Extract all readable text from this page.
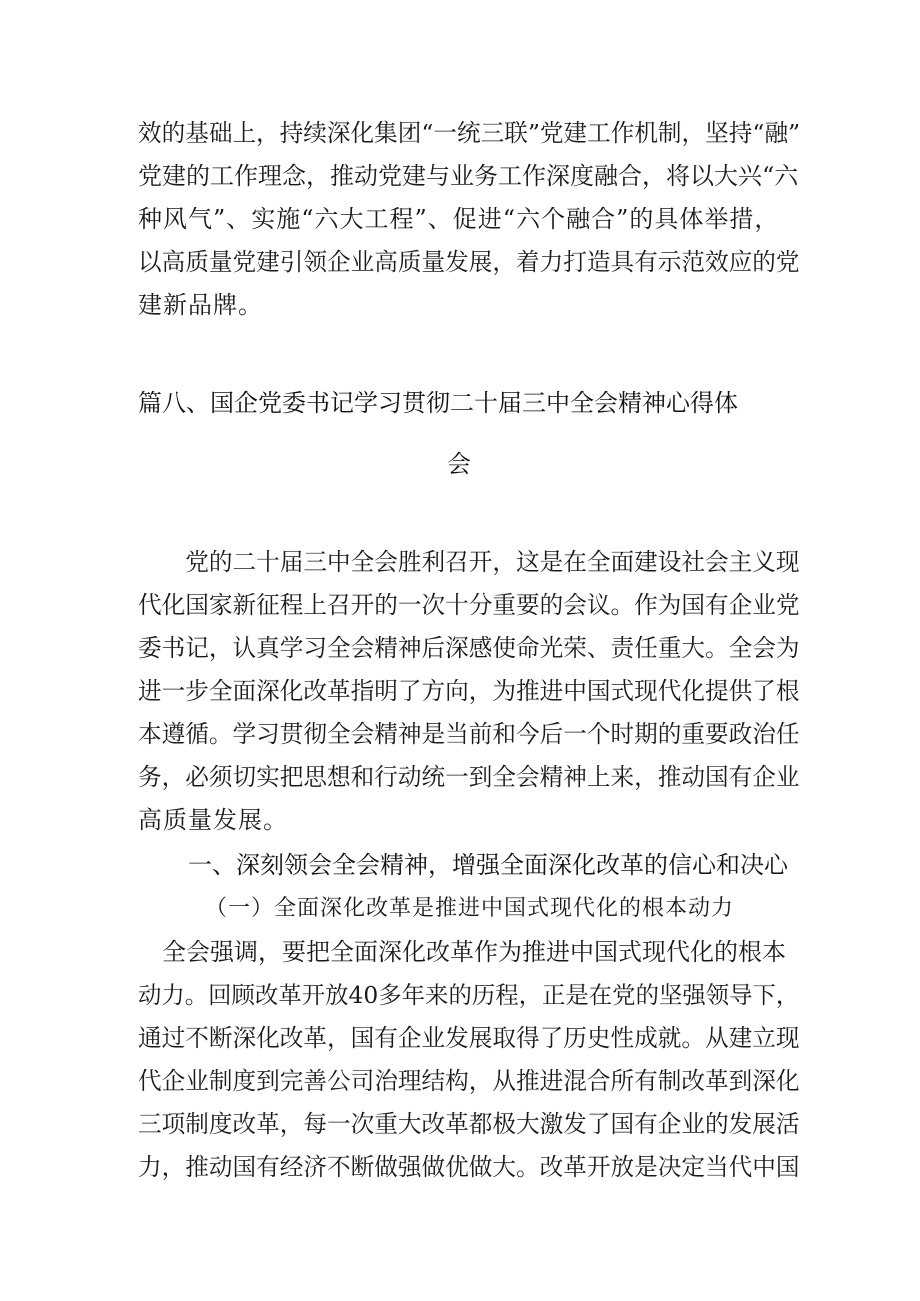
效的基础上，持续深化集团“一统三联”党建工作机制，坚持“融”
党建的工作理念，推动党建与业务工作深度融合，将以大兴“六
种风气”、实施“六大工程”、促进“六个融合”的具体举措，
以高质量党建引领企业高质量发展，着力打造具有示范效应的党
建新品牌。
篇八、国企党委书记学习贯彻二十届三中全会精神心得体
会
　　党的二十届三中全会胜利召开，这是在全面建设社会主义现
代化国家新征程上召开的一次十分重要的会议。作为国有企业党
委书记，认真学习全会精神后深感使命光荣、责任重大。全会为
进一步全面深化改革指明了方向，为推进中国式现代化提供了根
本遵循。学习贯彻全会精神是当前和今后一个时期的重要政治任
务，必须切实把思想和行动统一到全会精神上来，推动国有企业
高质量发展。
一、深刻领会全会精神，增强全面深化改革的信心和决心
（一）全面深化改革是推进中国式现代化的根本动力
　全会强调，要把全面深化改革作为推进中国式现代化的根本
动力。回顾改革开放40多年来的历程，正是在党的坚强领导下，
通过不断深化改革，国有企业发展取得了历史性成就。从建立现
代企业制度到完善公司治理结构，从推进混合所有制改革到深化
三项制度改革，每一次重大改革都极大激发了国有企业的发展活
力，推动国有经济不断做强做优做大。改革开放是决定当代中国
